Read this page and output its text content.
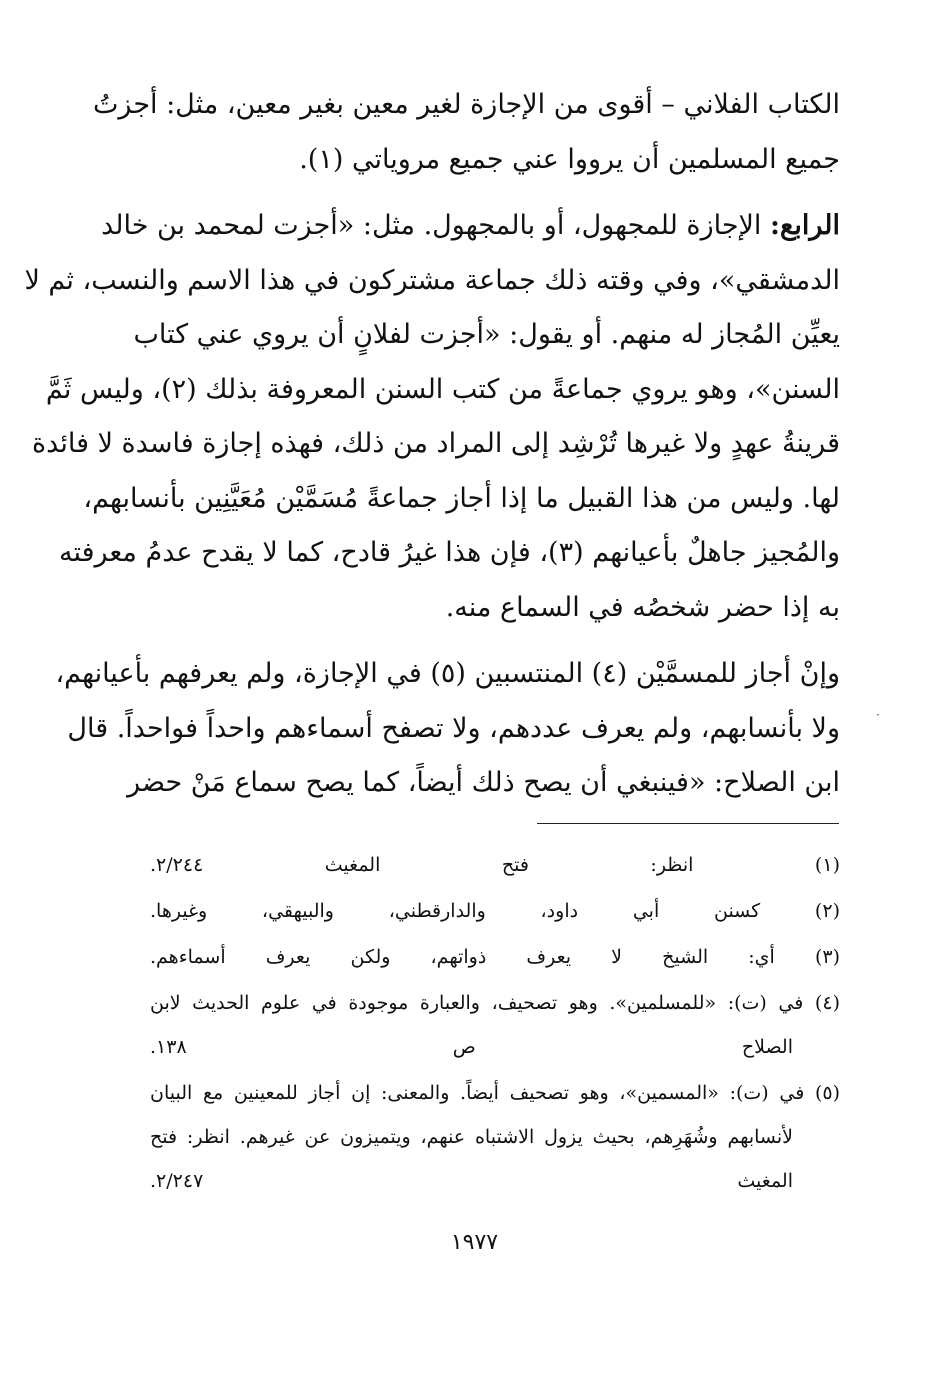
الكتاب الفلاني – أقوى من الإجازة لغير معين بغير معين، مثل: أجزتُ
جميع المسلمين أن يرووا عني جميع مروياتي (١).

الرابع: الإجازة للمجهول، أو بالمجهول. مثل: «أجزت لمحمد بن خالد
الدمشقي»، وفي وقته ذلك جماعة مشتركون في هذا الاسم والنسب، ثم لا
يعيِّن المُجاز له منهم. أو يقول: «أجزت لفلانٍ أن يروي عني كتاب
السنن»، وهو يروي جماعةً من كتب السنن المعروفة بذلك (٢)، وليس ثَمَّ
قرينةُ عهدٍ ولا غيرها تُرْشِد إلى المراد من ذلك، فهذه إجازة فاسدة لا فائدة
لها. وليس من هذا القبيل ما إذا أجاز جماعةً مُسَمَّيْن مُعَيَّنِين بأنسابهم،
والمُجيز جاهلٌ بأعيانهم (٣)، فإن هذا غيرُ قادح، كما لا يقدح عدمُ معرفته
به إذا حضر شخصُه في السماع منه.

وإنْ أجاز للمسمَّيْن (٤) المنتسبين (٥) في الإجازة، ولم يعرفهم بأعيانهم،
ولا بأنسابهم، ولم يعرف عددهم، ولا تصفح أسماءهم واحداً فواحداً. قال
ابن الصلاح: «فينبغي أن يصح ذلك أيضاً، كما يصح سماع مَنْ حضر

·
(١) انظر: فتح المغيث ٢/٢٤٤.
(٢) كسنن أبي داود، والدارقطني، والبيهقي، وغيرها.
(٣) أي: الشيخ لا يعرف ذواتهم، ولكن يعرف أسماءهم.
(٤) في (ت): «للمسلمين». وهو تصحيف، والعبارة موجودة في علوم الحديث لابن
الصلاح ص ١٣٨.
(٥) في (ت): «المسمين»، وهو تصحيف أيضاً. والمعنى: إن أجاز للمعينين مع البيان
لأنسابهم وشُهَرِهم، بحيث يزول الاشتباه عنهم، ويتميزون عن غيرهم. انظر: فتح
المغيث ٢/٢٤٧.
١٩٧٧
